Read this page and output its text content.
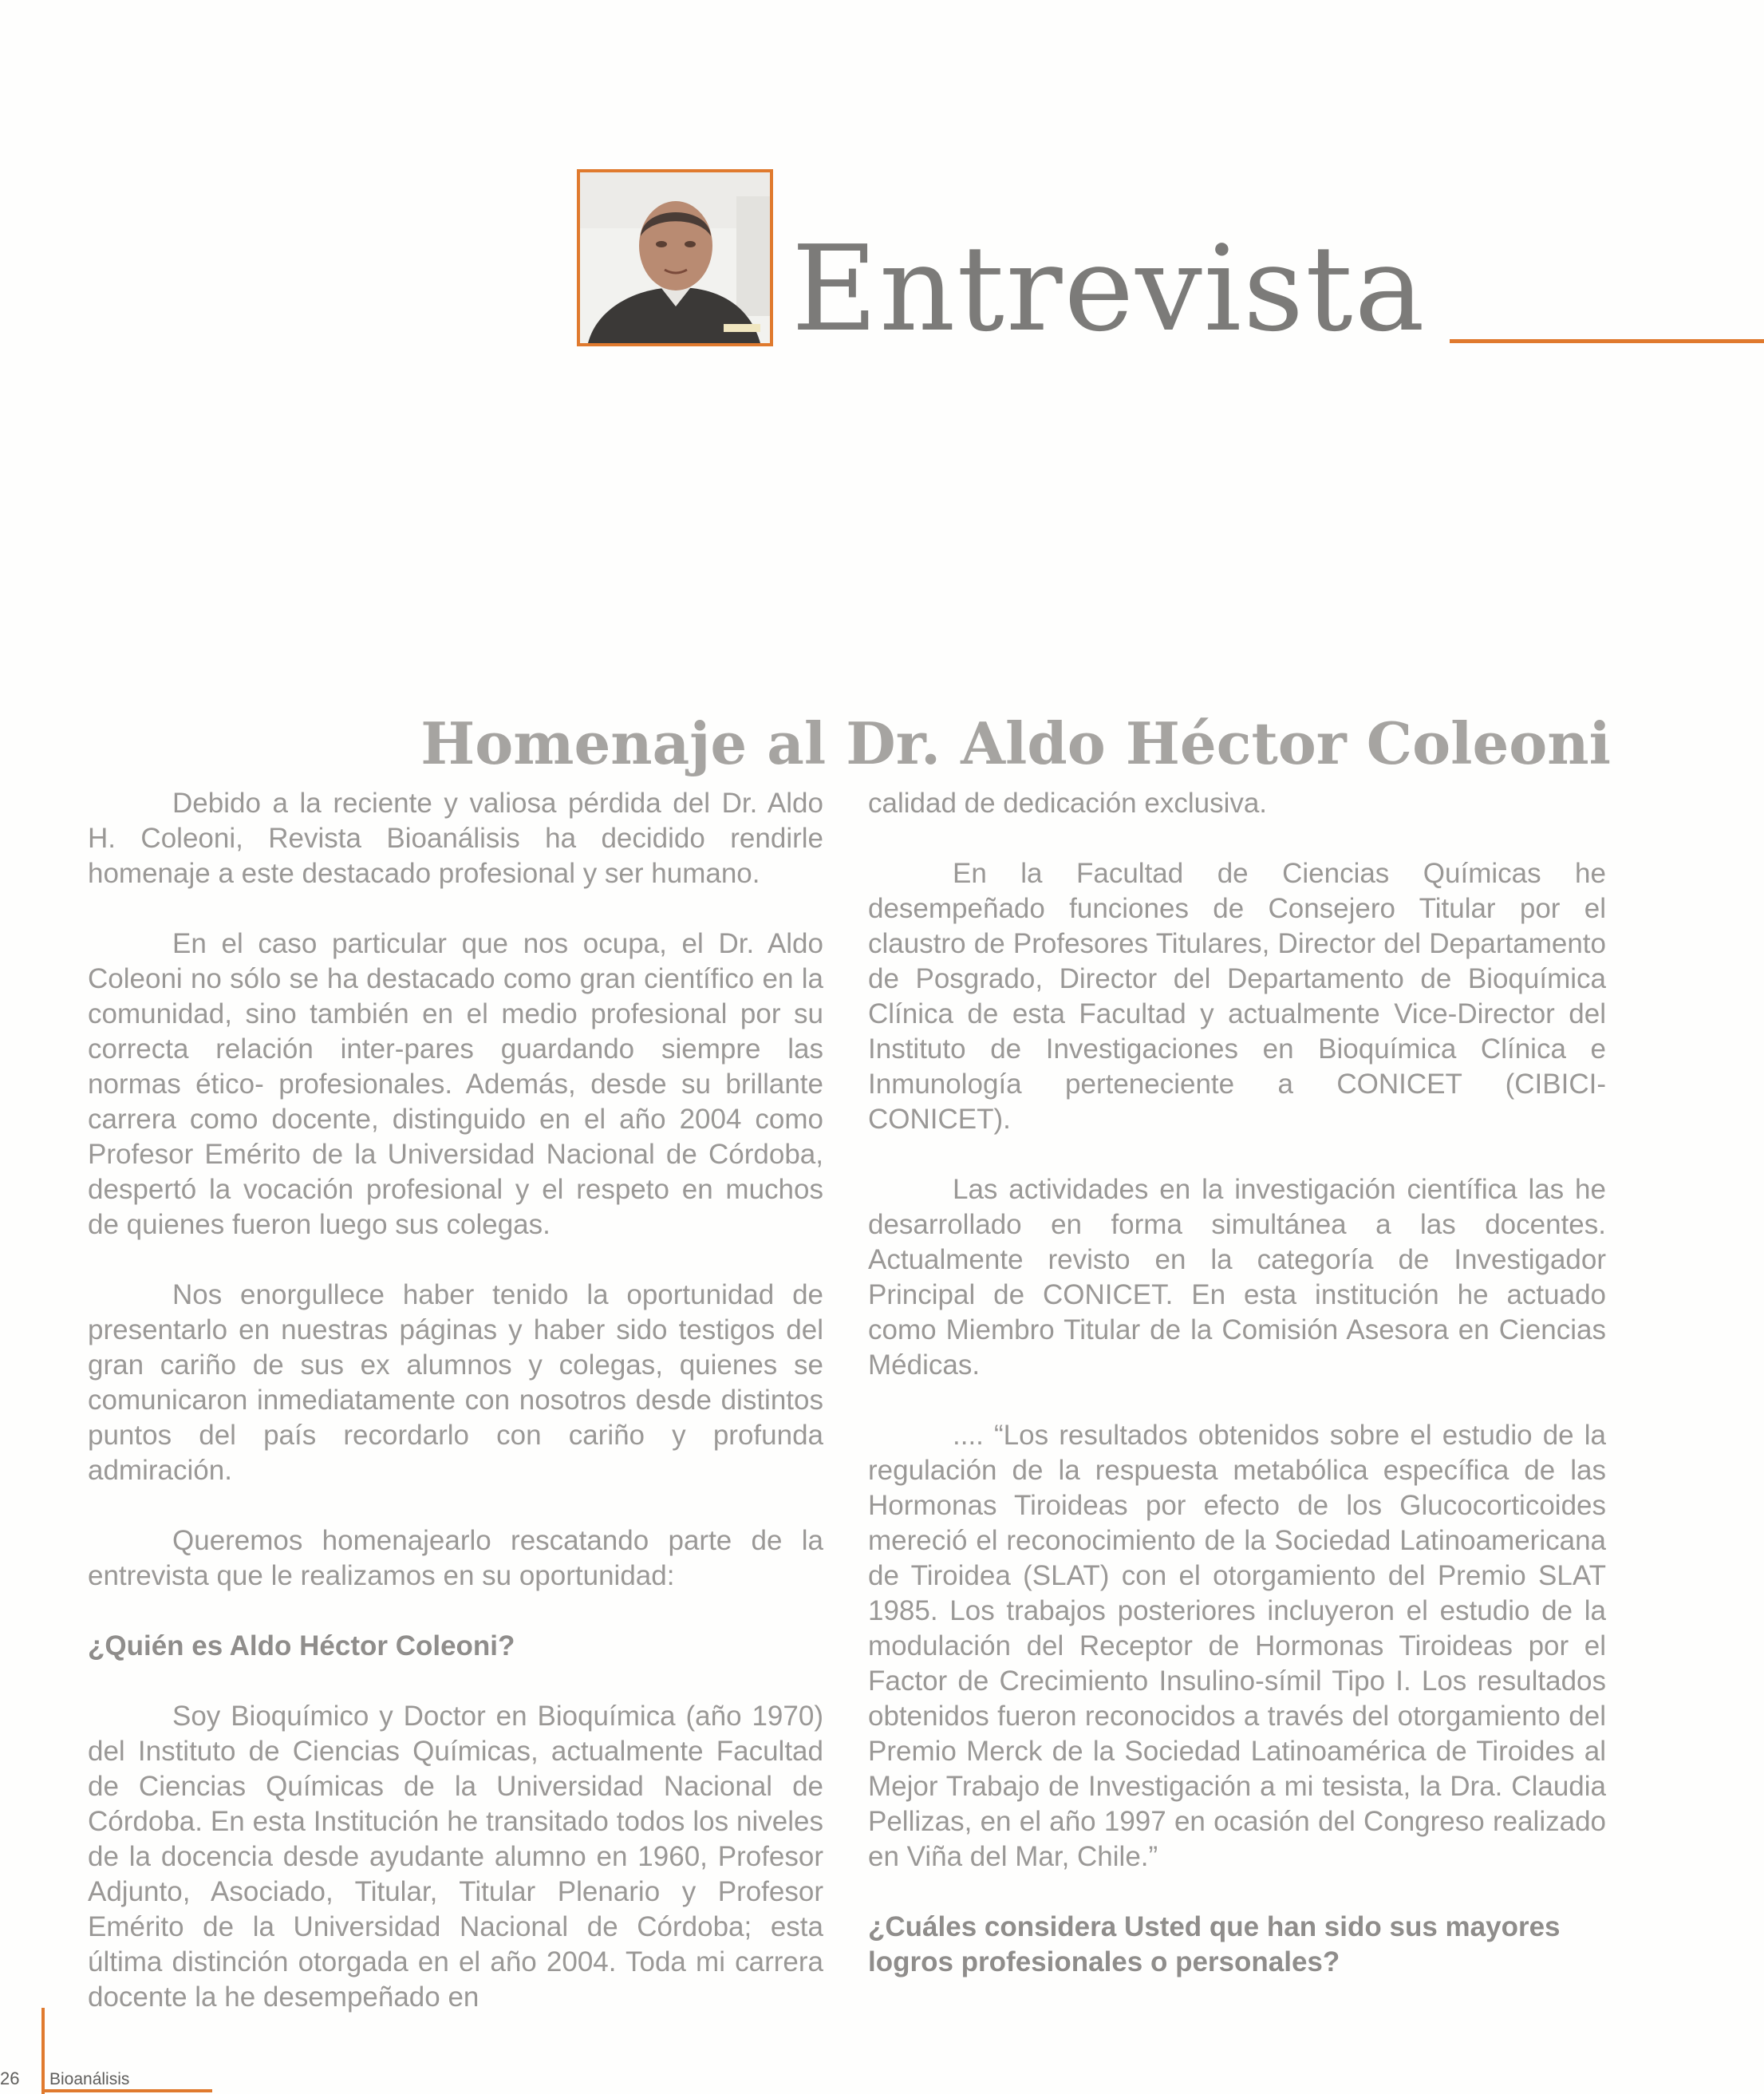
Entrevista
Homenaje al Dr. Aldo Héctor Coleoni

Debido a la reciente y valiosa pérdida del Dr. Aldo H. Coleoni, Revista Bioanálisis ha decidido rendirle homenaje a este destacado profesional y ser humano.

En el caso particular que nos ocupa, el Dr. Aldo Coleoni no sólo se ha destacado como gran científico en la comunidad, sino también en el medio profesional por su correcta relación inter-pares guardando siempre las normas ético- profesionales. Además, desde su brillante carrera como docente, distinguido en el año 2004 como Profesor Emérito de la Universidad Nacional de Córdoba, despertó la vocación profesional y el respeto en muchos de quienes fueron luego sus colegas.

Nos enorgullece haber tenido la oportunidad de presentarlo en nuestras páginas y haber sido testigos del gran cariño de sus ex alumnos y colegas, quienes se comunicaron inmediatamente con nosotros desde distintos puntos del país recordarlo con cariño y profunda admiración.

Queremos homenajearlo rescatando parte de la entrevista que le realizamos en su oportunidad:

¿Quién es Aldo Héctor Coleoni?

Soy Bioquímico y Doctor en Bioquímica (año 1970) del Instituto de Ciencias Químicas, actualmente Facultad de Ciencias Químicas de la Universidad Nacional de Córdoba. En esta Institución he transitado todos los niveles de la docencia desde ayudante alumno en 1960, Profesor Adjunto, Asociado, Titular, Titular Plenario y Profesor Emérito de la Universidad Nacional de Córdoba; esta última distinción otorgada en el año 2004. Toda mi carrera docente la he desempeñado en

calidad de dedicación exclusiva.

En la Facultad de Ciencias Químicas he desempeñado funciones de Consejero Titular por el claustro de Profesores Titulares, Director del Departamento de Posgrado, Director del Departamento de Bioquímica Clínica de esta Facultad y actualmente Vice-Director del Instituto de Investigaciones en Bioquímica Clínica e Inmunología perteneciente a CONICET (CIBICI-CONICET).

Las actividades en la investigación científica las he desarrollado en forma simultánea a las docentes. Actualmente revisto en la categoría de Investigador Principal de CONICET. En esta institución he actuado como Miembro Titular de la Comisión Asesora en Ciencias Médicas.

.... “Los resultados obtenidos sobre el estudio de la regulación de la respuesta metabólica específica de las Hormonas Tiroideas por efecto de los Glucocorticoides mereció el reconocimiento de la Sociedad Latinoamericana de Tiroidea (SLAT) con el otorgamiento del Premio SLAT 1985. Los trabajos posteriores incluyeron el estudio de la modulación del Receptor de Hormonas Tiroideas por el Factor de Crecimiento Insulino-símil Tipo I. Los resultados obtenidos fueron reconocidos a través del otorgamiento del Premio Merck de la Sociedad Latinoamérica de Tiroides al Mejor Trabajo de Investigación a mi tesista, la Dra. Claudia Pellizas, en el año 1997 en ocasión del Congreso realizado en Viña del Mar, Chile.”

¿Cuáles considera Usted que han sido sus mayores logros profesionales o personales?

26 Bioanálisis
